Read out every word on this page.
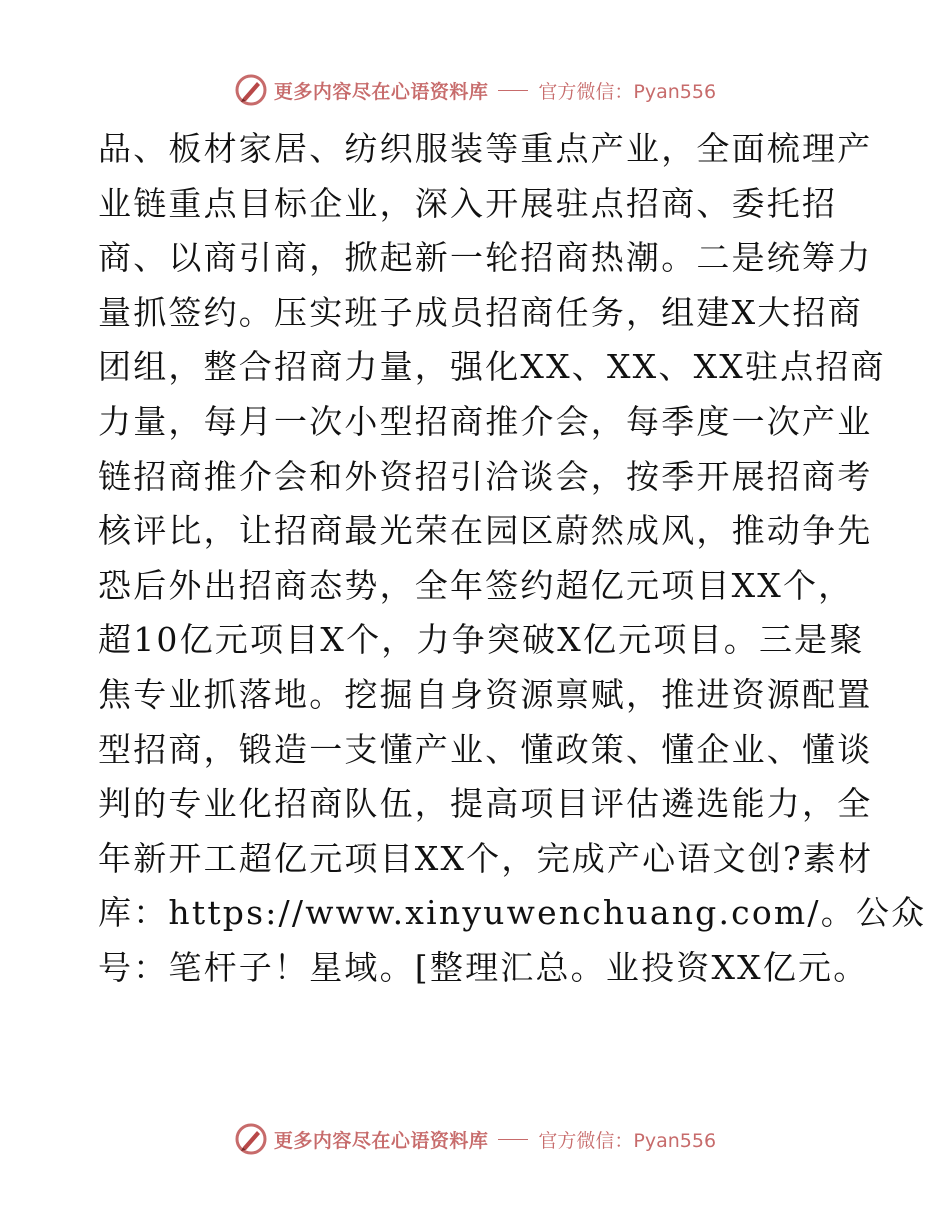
更多内容尽在心语资料库	官方微信：Pyan556
品、板材家居、纺织服装等重点产业，全面梳理产
业链重点目标企业，深入开展驻点招商、委托招
商、以商引商，掀起新一轮招商热潮。二是统筹力
量抓签约。压实班子成员招商任务，组建X大招商
团组，整合招商力量，强化XX、XX、XX驻点招商
力量，每月一次小型招商推介会，每季度一次产业
链招商推介会和外资招引洽谈会，按季开展招商考
核评比，让招商最光荣在园区蔚然成风，推动争先
恐后外出招商态势，全年签约超亿元项目XX个，
超10亿元项目X个，力争突破X亿元项目。三是聚
焦专业抓落地。挖掘自身资源禀赋，推进资源配置
型招商，锻造一支懂产业、懂政策、懂企业、懂谈
判的专业化招商队伍，提高项目评估遴选能力，全
年新开工超亿元项目XX个，完成产心语文创?素材
库：https://www.xinyuwenchuang.com/。公众
号：笔杆子！星域。[整理汇总。业投资XX亿元。
更多内容尽在心语资料库	官方微信：Pyan556
